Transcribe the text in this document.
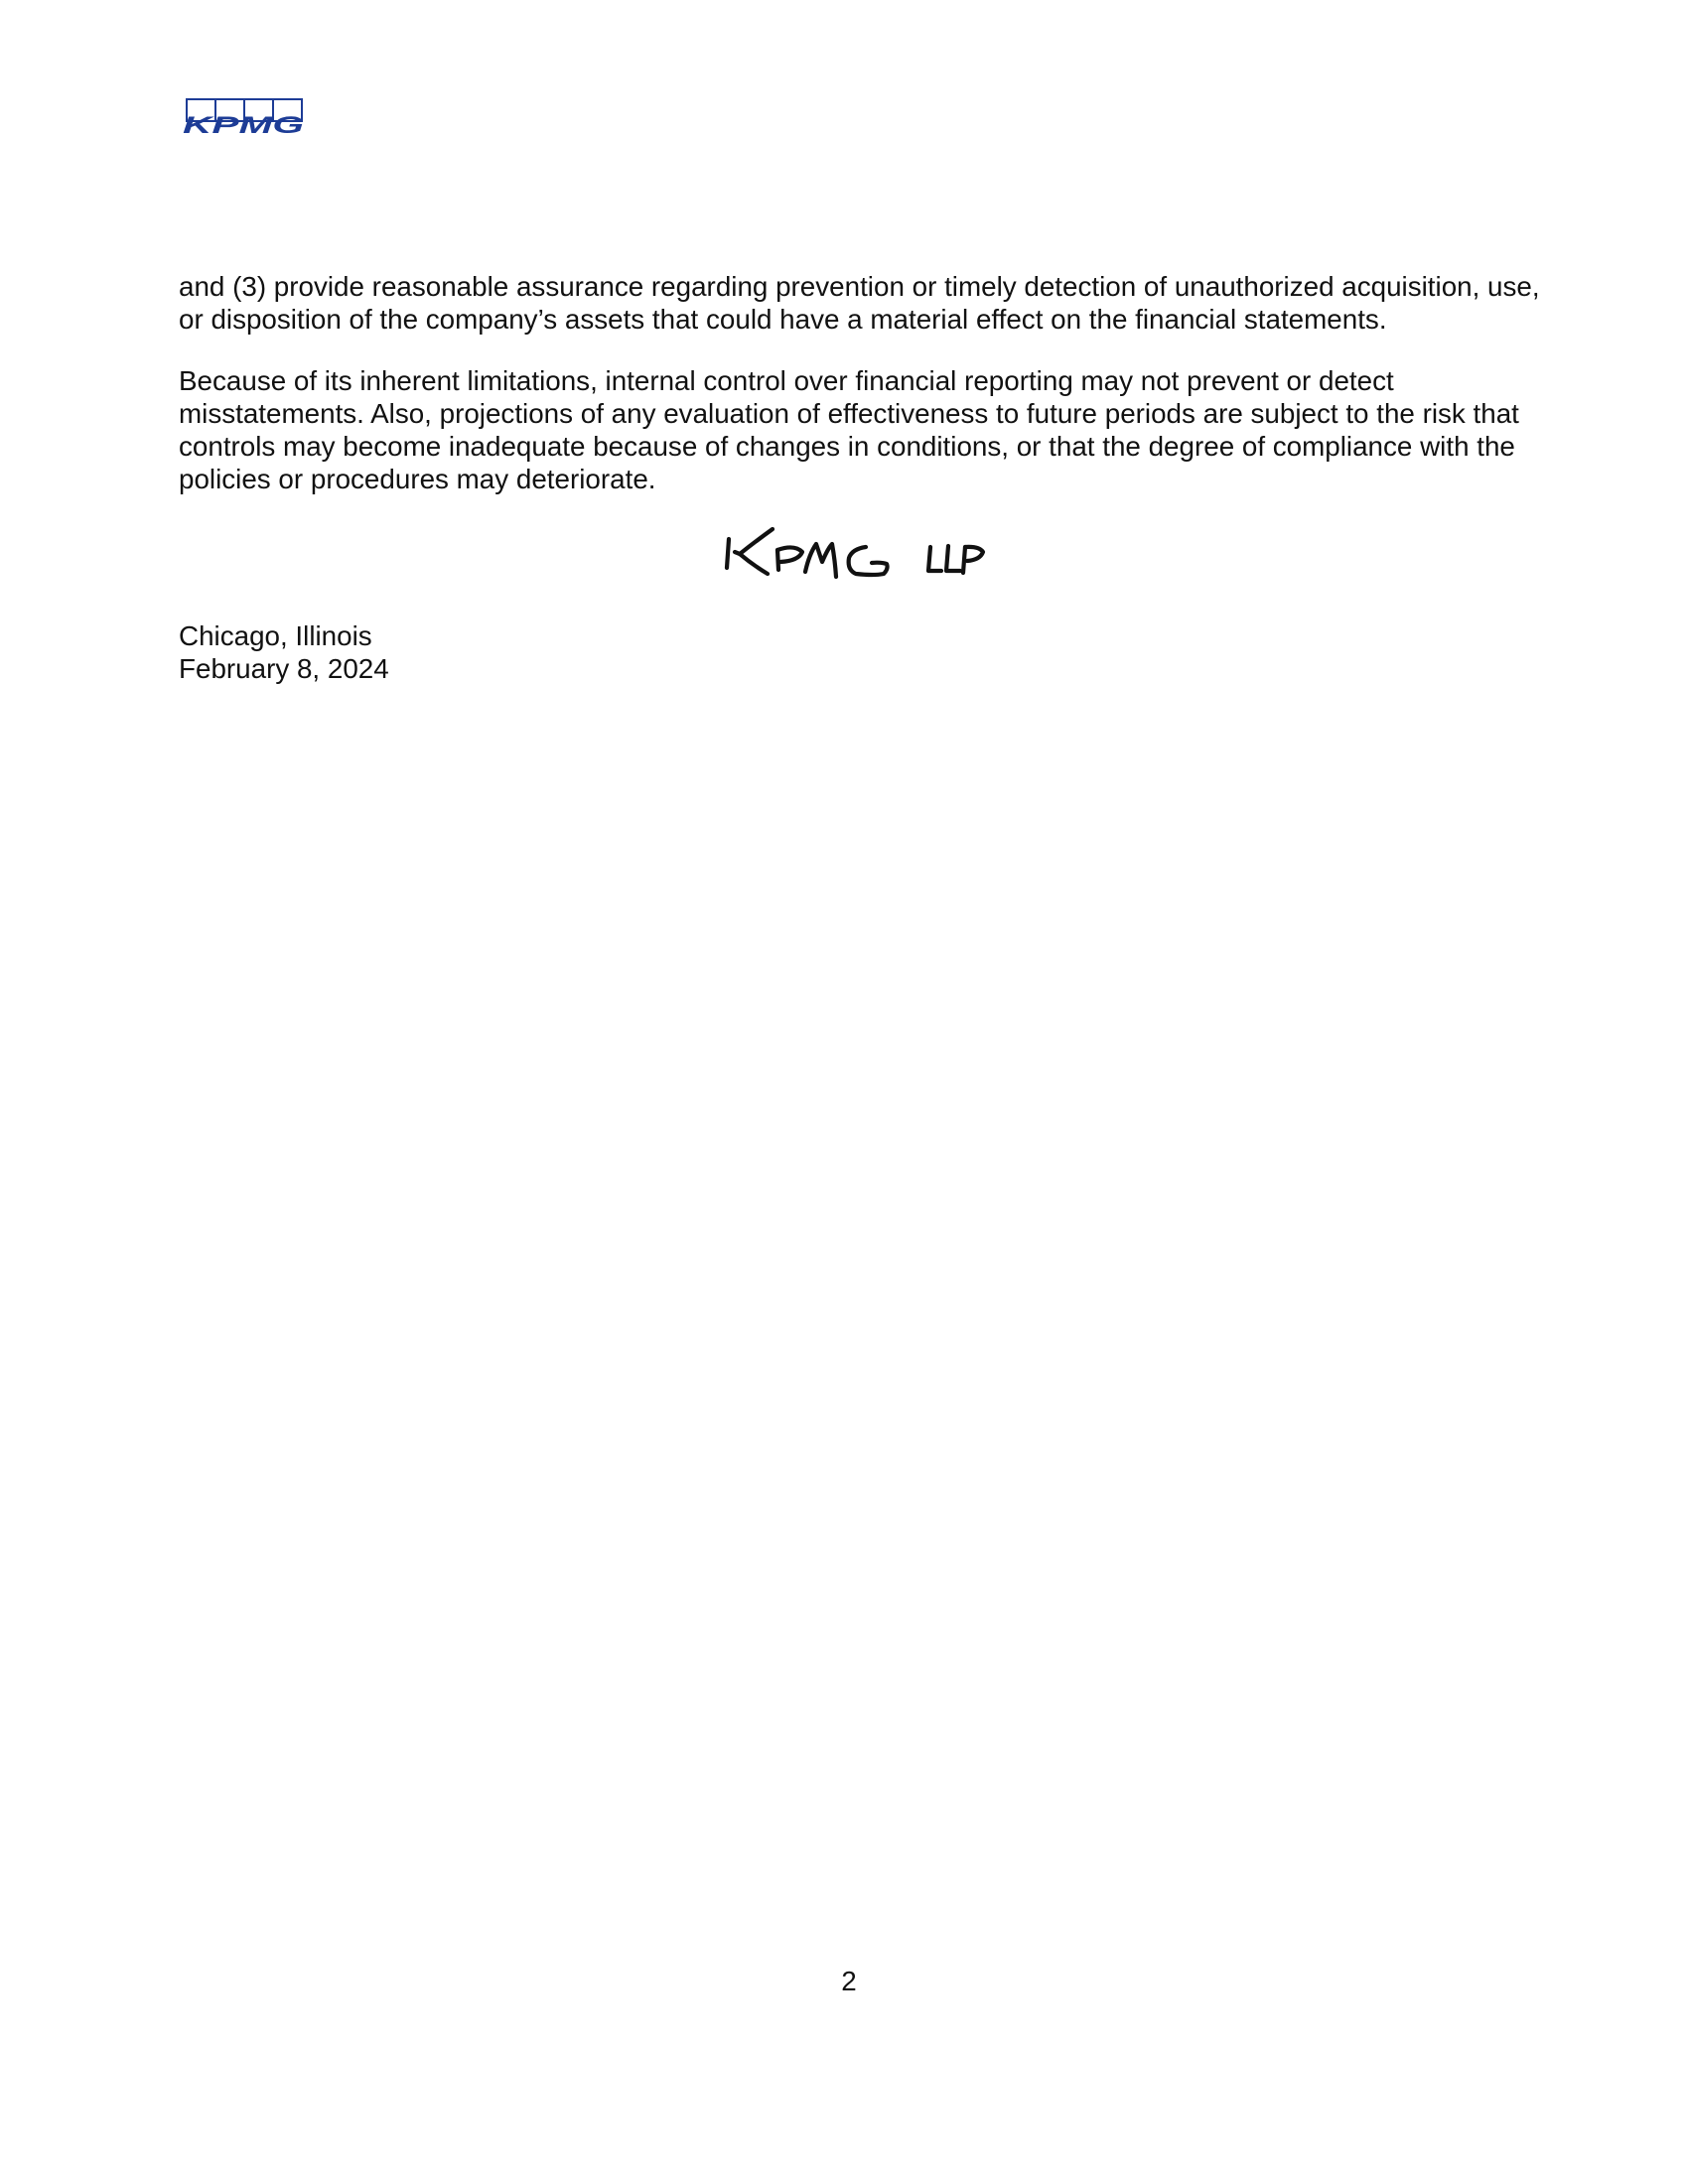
KPMG
and (3) provide reasonable assurance regarding prevention or timely detection of unauthorized acquisition, use,
or disposition of the company’s assets that could have a material effect on the financial statements.
Because of its inherent limitations, internal control over financial reporting may not prevent or detect
misstatements. Also, projections of any evaluation of effectiveness to future periods are subject to the risk that
controls may become inadequate because of changes in conditions, or that the degree of compliance with the
policies or procedures may deteriorate.
Chicago, Illinois
February 8, 2024
2
